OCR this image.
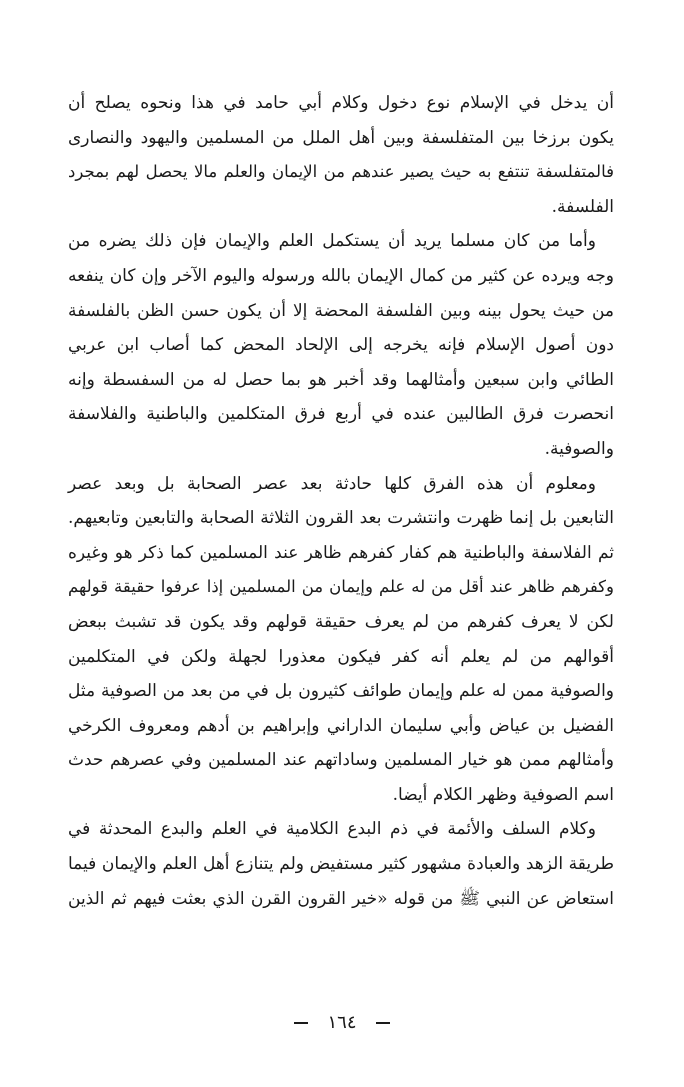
أن يدخل في الإسلام نوع دخول وكلام أبي حامد في هذا ونحوه يصلح أن
يكون برزخا بين المتفلسفة وبين أهل الملل من المسلمين واليهود والنصارى
فالمتفلسفة تنتفع به حيث يصير عندهم من الإيمان والعلم مالا يحصل لهم بمجرد
الفلسفة.
وأما من كان مسلما يريد أن يستكمل العلم والإيمان فإن ذلك يضره من
وجه ويرده عن كثير من كمال الإيمان بالله ورسوله واليوم الآخر وإن كان ينفعه
من حيث يحول بينه وبين الفلسفة المحضة إلا أن يكون حسن الظن بالفلسفة
دون أصول الإسلام فإنه يخرجه إلى الإلحاد المحض كما أصاب ابن عربي
الطائي وابن سبعين وأمثالهما وقد أخبر هو بما حصل له من السفسطة وإنه
انحصرت فرق الطالبين عنده في أربع فرق المتكلمين والباطنية والفلاسفة
والصوفية.
ومعلوم أن هذه الفرق كلها حادثة بعد عصر الصحابة بل وبعد عصر
التابعين بل إنما ظهرت وانتشرت بعد القرون الثلاثة الصحابة والتابعين وتابعيهم.
ثم الفلاسفة والباطنية هم كفار كفرهم ظاهر عند المسلمين كما ذكر هو وغيره
وكفرهم ظاهر عند أقل من له علم وإيمان من المسلمين إذا عرفوا حقيقة قولهم
لكن لا يعرف كفرهم من لم يعرف حقيقة قولهم وقد يكون قد تشبث ببعض
أقوالهم من لم يعلم أنه كفر فيكون معذورا لجهلة ولكن في المتكلمين
والصوفية ممن له علم وإيمان طوائف كثيرون بل في من بعد من الصوفية مثل
الفضيل بن عياض وأبي سليمان الداراني وإبراهيم بن أدهم ومعروف الكرخي
وأمثالهم ممن هو خيار المسلمين وساداتهم عند المسلمين وفي عصرهم حدث
اسم الصوفية وظهر الكلام أيضا.
وكلام السلف والأئمة في ذم البدع الكلامية في العلم والبدع المحدثة في
طريقة الزهد والعبادة مشهور كثير مستفيض ولم يتنازع أهل العلم والإيمان فيما
استعاض عن النبي ﷺ من قوله «خير القرون القرن الذي بعثت فيهم ثم الذين
١٦٤
